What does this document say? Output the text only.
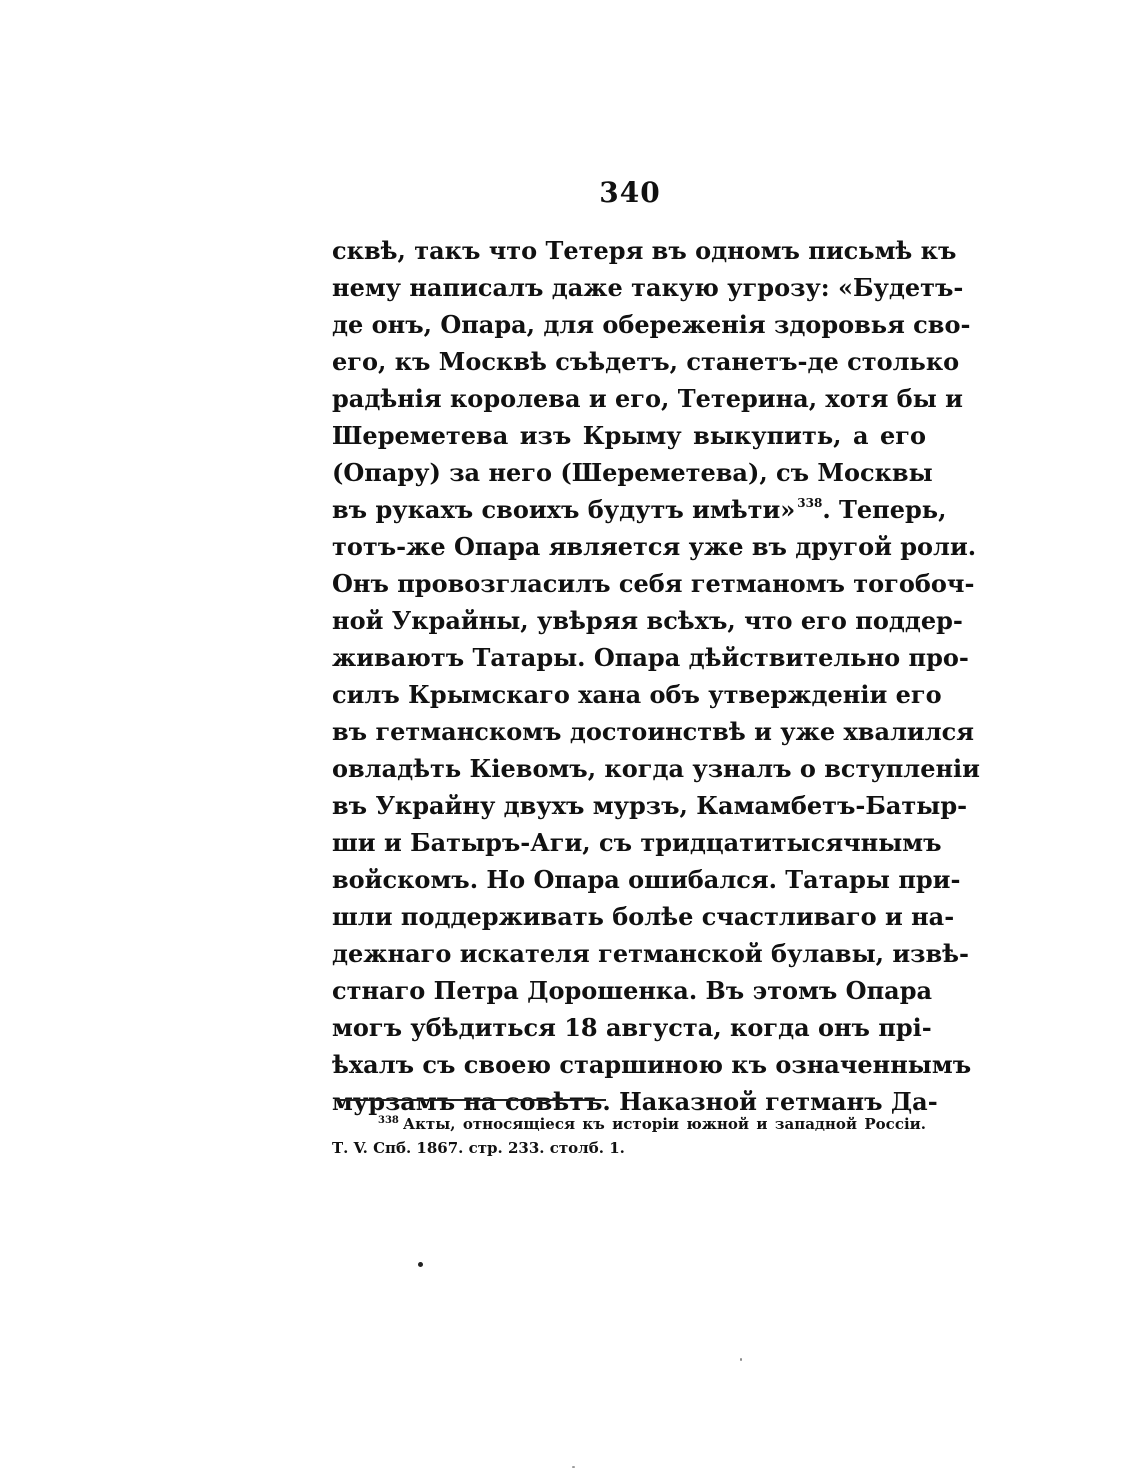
340
сквѣ, такъ что Тетеря въ одномъ письмѣ къ
нему написалъ даже такую угрозу: «Будетъ-
де онъ, Опара, для обереженія здоровья сво-
его, къ Москвѣ съѣдетъ, станетъ-де столько
радѣнія королева и его, Тетерина, хотя бы и
Шереметева изъ Крыму выкупить, а его
(Опару) за него (Шереметева), съ Москвы
въ рукахъ своихъ будутъ имѣти» $^{338}$. Теперь,
тотъ-же Опара является уже въ другой роли.
Онъ провозгласилъ себя гетманомъ тогобоч-
ной Украйны, увѣряя всѣхъ, что его поддер-
живаютъ Татары. Опара дѣйствительно про-
силъ Крымскаго хана объ утвержденіи его
въ гетманскомъ достоинствѣ и уже хвалился
овладѣть Кіевомъ, когда узналъ о вступленіи
въ Украйну двухъ мурзъ, Камамбетъ-Батыр-
ши и Батыръ-Аги, съ тридцатитысячнымъ
войскомъ. Но Опара ошибался. Татары при-
шли поддерживать болѣе счастливаго и на-
дежнаго искателя гетманской булавы, извѣ-
стнаго Петра Дорошенка. Въ этомъ Опара
могъ убѣдиться 18 августа, когда онъ прі-
ѣхалъ съ своею старшиною къ означеннымъ
мурзамъ на совѣтъ. Наказной гетманъ Да-
$^{338}$ Акты, относящіеся къ исторіи южной и западной Россіи.
Т. V. Спб. 1867. стр. 233. столб. 1.
